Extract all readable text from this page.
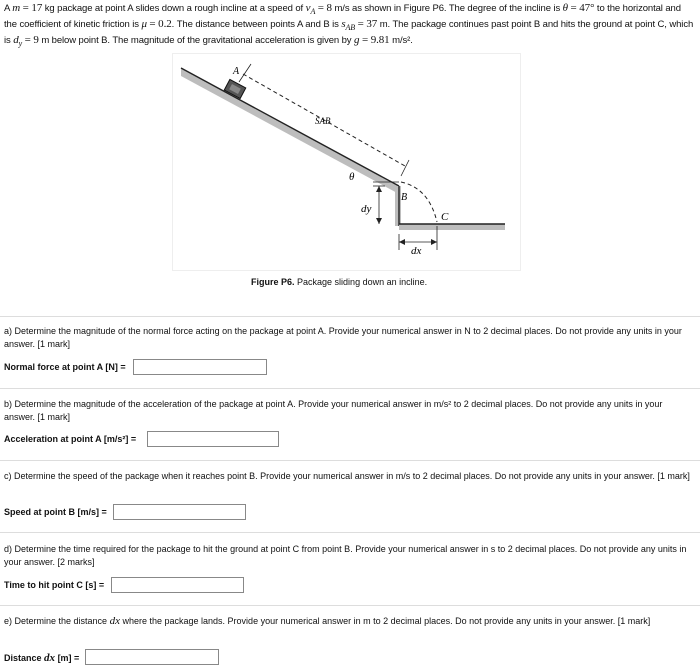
A m = 17 kg package at point A slides down a rough incline at a speed of $v_A = 8$ m/s as shown in Figure P6. The degree of the incline is θ = 47° to the horizontal and the coefficient of kinetic friction is μ = 0.2. The distance between points A and B is $s_{AB} = 37$ m. The package continues past point B and hits the ground at point C, which is $d_y = 9$ m below point B. The magnitude of the gravitational acceleration is given by g = 9.81 m/s².
A
SAB
θ
B
dy
C
dx
Figure P6. Package sliding down an incline.
a) Determine the magnitude of the normal force acting on the package at point A. Provide your numerical answer in N to 2 decimal places. Do not provide any units in your answer. [1 mark]
Normal force at point A [N] =
b) Determine the magnitude of the acceleration of the package at point A. Provide your numerical answer in m/s² to 2 decimal places. Do not provide any units in your answer. [1 mark]
Acceleration at point A [m/s²] =
c) Determine the speed of the package when it reaches point B. Provide your numerical answer in m/s to 2 decimal places. Do not provide any units in your answer. [1 mark]
Speed at point B [m/s] =
d) Determine the time required for the package to hit the ground at point C from point B. Provide your numerical answer in s to 2 decimal places. Do not provide any units in your answer. [2 marks]
Time to hit point C [s] =
e) Determine the distance dx where the package lands. Provide your numerical answer in m to 2 decimal places. Do not provide any units in your answer. [1 mark]
Distance dx [m] =
